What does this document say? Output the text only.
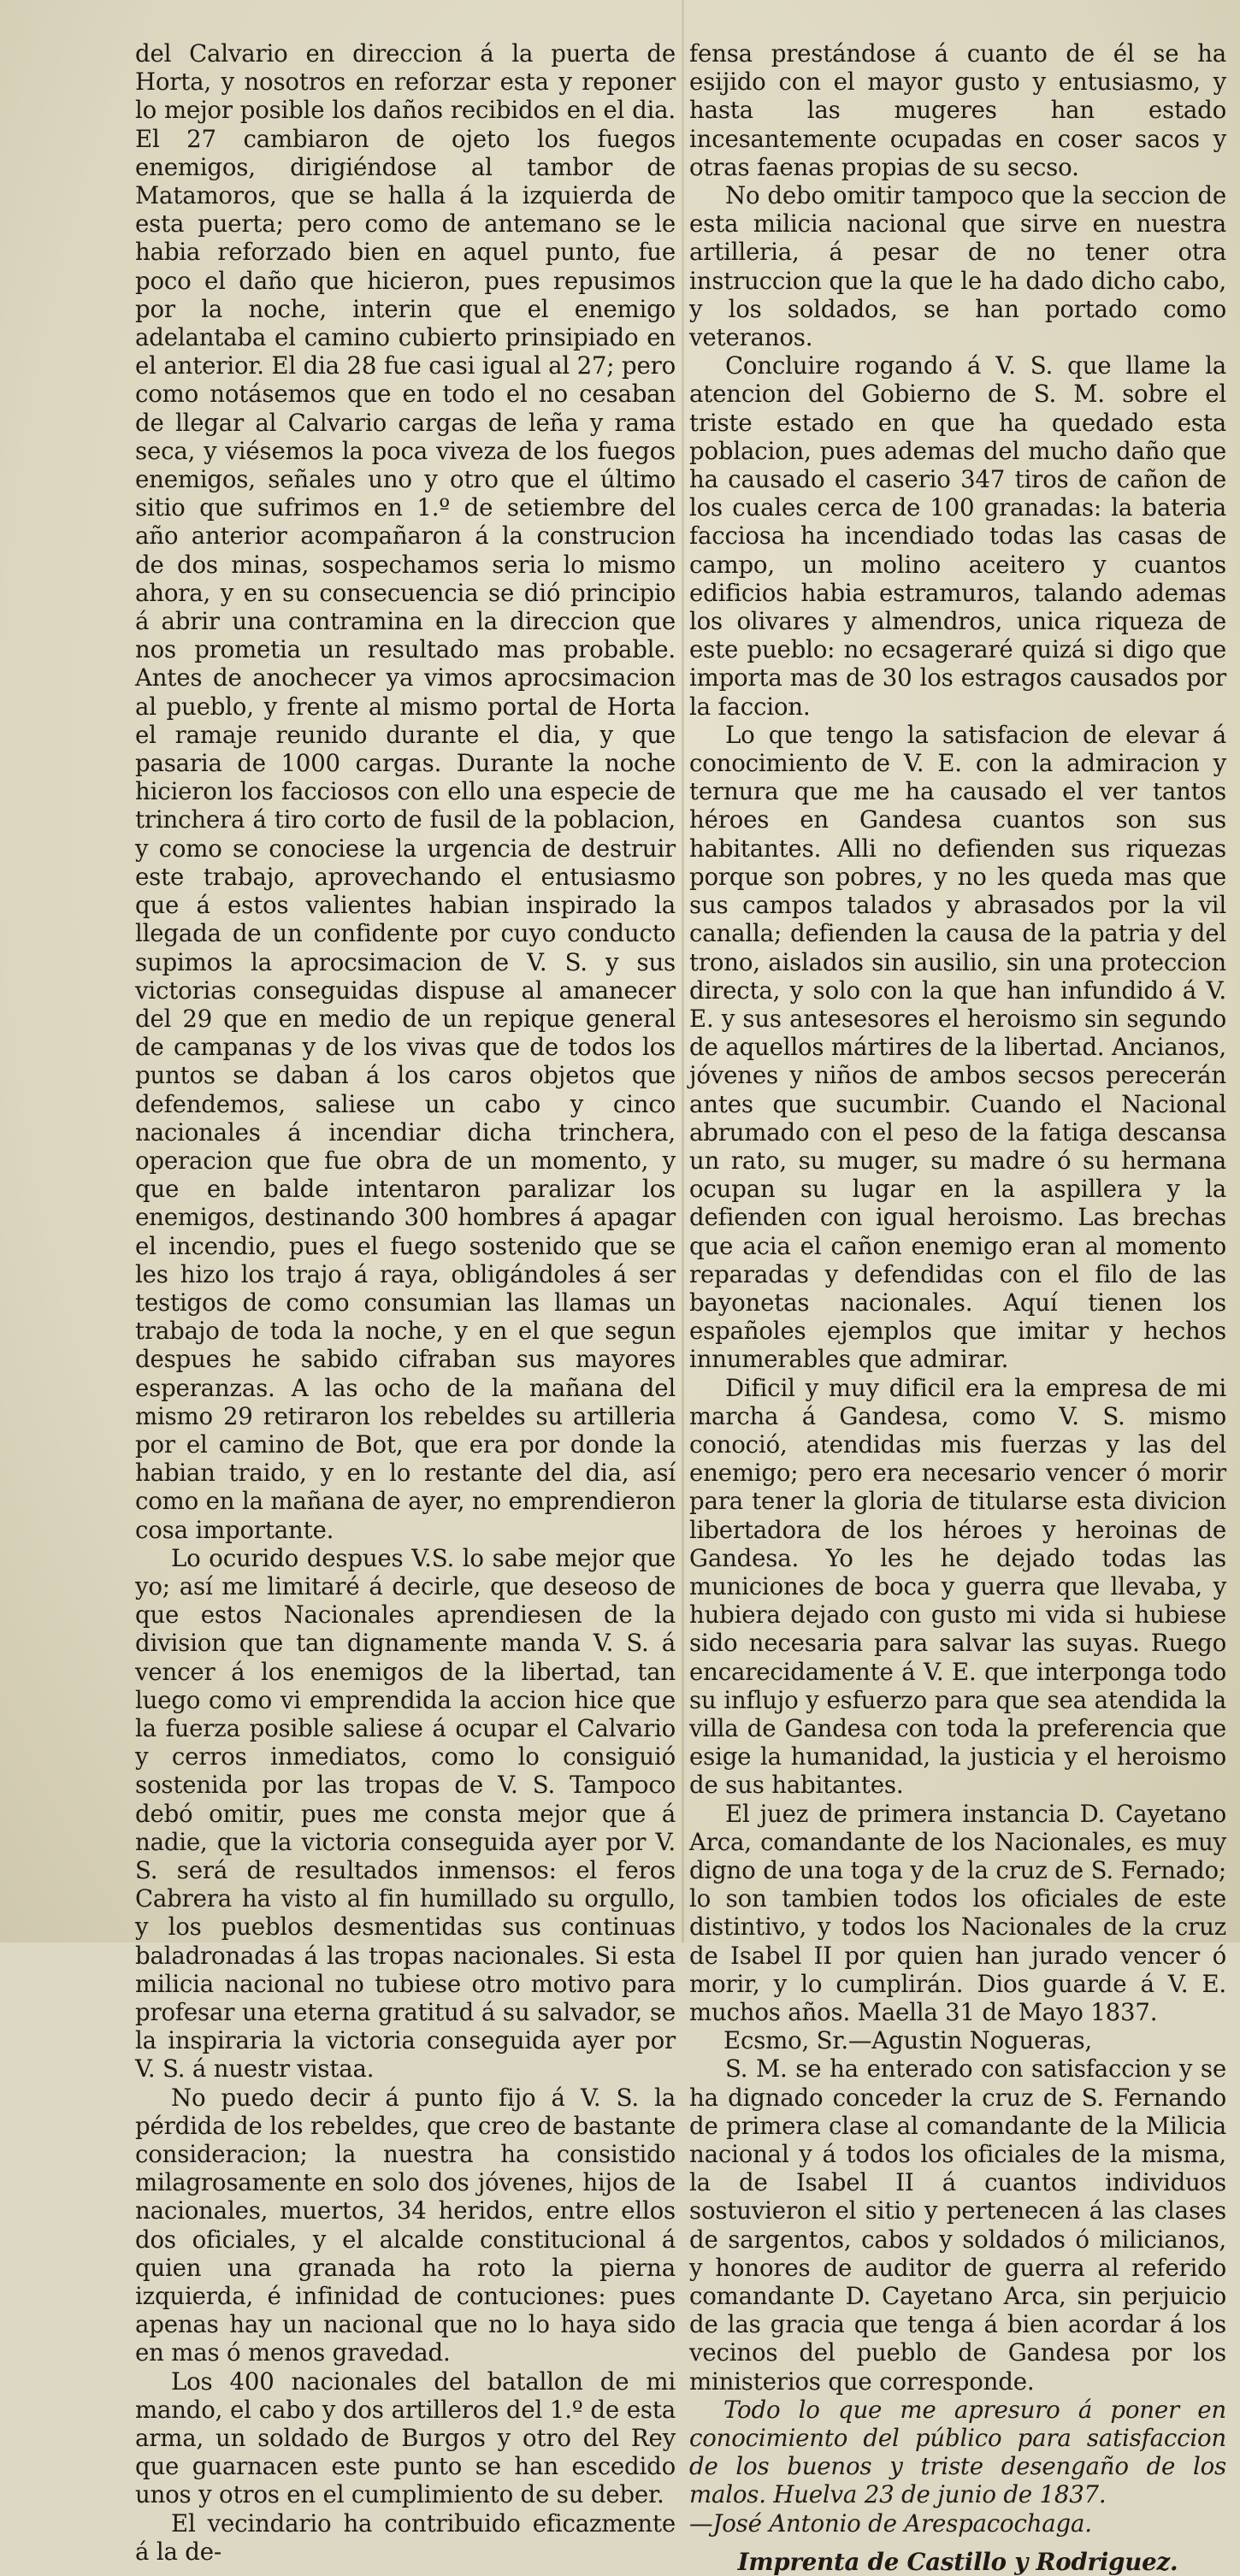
del Calvario en direccion á la puerta de Horta, y nosotros en reforzar esta y reponer lo mejor posible los daños recibidos en el dia. El 27 cambiaron de ojeto los fuegos enemigos, dirigiéndose al tambor de Matamoros, que se halla á la izquierda de esta puerta; pero como de antemano se le habia reforzado bien en aquel punto, fue poco el daño que hicieron, pues repusimos por la noche, interin que el enemigo adelantaba el camino cubierto prinsipiado en el anterior. El dia 28 fue casi igual al 27; pero como notásemos que en todo el no cesaban de llegar al Calvario cargas de leña y rama seca, y viésemos la poca viveza de los fuegos enemigos, señales uno y otro que el último sitio que sufrimos en 1.º de setiembre del año anterior acompañaron á la construcion de dos minas, sospechamos seria lo mismo ahora, y en su consecuencia se dió principio á abrir una contramina en la direccion que nos prometia un resultado mas probable. Antes de anochecer ya vimos aprocsimacion al pueblo, y frente al mismo portal de Horta el ramaje reunido durante el dia, y que pasaria de 1000 cargas. Durante la noche hicieron los facciosos con ello una especie de trinchera á tiro corto de fusil de la poblacion, y como se conociese la urgencia de destruir este trabajo, aprovechando el entusiasmo que á estos valientes habian inspirado la llegada de un confidente por cuyo conducto supimos la aprocsimacion de V. S. y sus victorias conseguidas dispuse al amanecer del 29 que en medio de un repique general de campanas y de los vivas que de todos los puntos se daban á los caros objetos que defendemos, saliese un cabo y cinco nacionales á incendiar dicha trinchera, operacion que fue obra de un momento, y que en balde intentaron paralizar los enemigos, destinando 300 hombres á apagar el incendio, pues el fuego sostenido que se les hizo los trajo á raya, obligándoles á ser testigos de como consumian las llamas un trabajo de toda la noche, y en el que segun despues he sabido cifraban sus mayores esperanzas. A las ocho de la mañana del mismo 29 retiraron los rebeldes su artilleria por el camino de Bot, que era por donde la habian traido, y en lo restante del dia, así como en la mañana de ayer, no emprendieron cosa importante.

Lo ocurido despues V.S. lo sabe mejor que yo; así me limitaré á decirle, que deseoso de que estos Nacionales aprendiesen de la division que tan dignamente manda V. S. á vencer á los enemigos de la libertad, tan luego como vi emprendida la accion hice que la fuerza posible saliese á ocupar el Calvario y cerros inmediatos, como lo consiguió sostenida por las tropas de V. S. Tampoco debó omitir, pues me consta mejor que á nadie, que la victoria conseguida ayer por V. S. será de resultados inmensos: el feros Cabrera ha visto al fin humillado su orgullo, y los pueblos desmentidas sus continuas baladronadas á las tropas nacionales. Si esta milicia nacional no tubiese otro motivo para profesar una eterna gratitud á su salvador, se la inspiraria la victoria conseguida ayer por V. S. á nuestr vistaa.

No puedo decir á punto fijo á V. S. la pérdida de los rebeldes, que creo de bastante consideracion; la nuestra ha consistido milagrosamente en solo dos jóvenes, hijos de nacionales, muertos, 34 heridos, entre ellos dos oficiales, y el alcalde constitucional á quien una granada ha roto la pierna izquierda, é infinidad de contuciones: pues apenas hay un nacional que no lo haya sido en mas ó menos gravedad.

Los 400 nacionales del batallon de mi mando, el cabo y dos artilleros del 1.º de esta arma, un soldado de Burgos y otro del Rey que guarnacen este punto se han escedido unos y otros en el cumplimiento de su deber.

El vecindario ha contribuido eficazmente á la de-

fensa prestándose á cuanto de él se ha esijido con el mayor gusto y entusiasmo, y hasta las mugeres han estado incesantemente ocupadas en coser sacos y otras faenas propias de su secso.

No debo omitir tampoco que la seccion de esta milicia nacional que sirve en nuestra artilleria, á pesar de no tener otra instruccion que la que le ha dado dicho cabo, y los soldados, se han portado como veteranos.

Concluire rogando á V. S. que llame la atencion del Gobierno de S. M. sobre el triste estado en que ha quedado esta poblacion, pues ademas del mucho daño que ha causado el caserio 347 tiros de cañon de los cuales cerca de 100 granadas: la bateria facciosa ha incendiado todas las casas de campo, un molino aceitero y cuantos edificios habia estramuros, talando ademas los olivares y almendros, unica riqueza de este pueblo: no ecsageraré quizá si digo que importa mas de 30 los estragos causados por la faccion.

Lo que tengo la satisfacion de elevar á conocimiento de V. E. con la admiracion y ternura que me ha causado el ver tantos héroes en Gandesa cuantos son sus habitantes. Alli no defienden sus riquezas porque son pobres, y no les queda mas que sus campos talados y abrasados por la vil canalla; defienden la causa de la patria y del trono, aislados sin ausilio, sin una proteccion directa, y solo con la que han infundido á V. E. y sus antesesores el heroismo sin segundo de aquellos mártires de la libertad. Ancianos, jóvenes y niños de ambos secsos perecerán antes que sucumbir. Cuando el Nacional abrumado con el peso de la fatiga descansa un rato, su muger, su madre ó su hermana ocupan su lugar en la aspillera y la defienden con igual heroismo. Las brechas que acia el cañon enemigo eran al momento reparadas y defendidas con el filo de las bayonetas nacionales. Aquí tienen los españoles ejemplos que imitar y hechos innumerables que admirar.

Dificil y muy dificil era la empresa de mi marcha á Gandesa, como V. S. mismo conoció, atendidas mis fuerzas y las del enemigo; pero era necesario vencer ó morir para tener la gloria de titularse esta divicion libertadora de los héroes y heroinas de Gandesa. Yo les he dejado todas las municiones de boca y guerra que llevaba, y hubiera dejado con gusto mi vida si hubiese sido necesaria para salvar las suyas. Ruego encarecidamente á V. E. que interponga todo su influjo y esfuerzo para que sea atendida la villa de Gandesa con toda la preferencia que esige la humanidad, la justicia y el heroismo de sus habitantes.

El juez de primera instancia D. Cayetano Arca, comandante de los Nacionales, es muy digno de una toga y de la cruz de S. Fernado; lo son tambien todos los oficiales de este distintivo, y todos los Nacionales de la cruz de Isabel II por quien han jurado vencer ó morir, y lo cumplirán. Dios guarde á V. E. muchos años. Maella 31 de Mayo 1837.

Ecsmo, Sr.—Agustin Nogueras,

S. M. se ha enterado con satisfaccion y se ha dignado conceder la cruz de S. Fernando de primera clase al comandante de la Milicia nacional y á todos los oficiales de la misma, la de Isabel II á cuantos individuos sostuvieron el sitio y pertenecen á las clases de sargentos, cabos y soldados ó milicianos, y honores de auditor de guerra al referido comandante D. Cayetano Arca, sin perjuicio de las gracia que tenga á bien acordar á los vecinos del pueblo de Gandesa por los ministerios que corresponde.

Todo lo que me apresuro á poner en conocimiento del público para satisfaccion de los buenos y triste desengaño de los malos. Huelva 23 de junio de 1837.

—José Antonio de Arespacochaga.

Imprenta de Castillo y Rodriguez.
